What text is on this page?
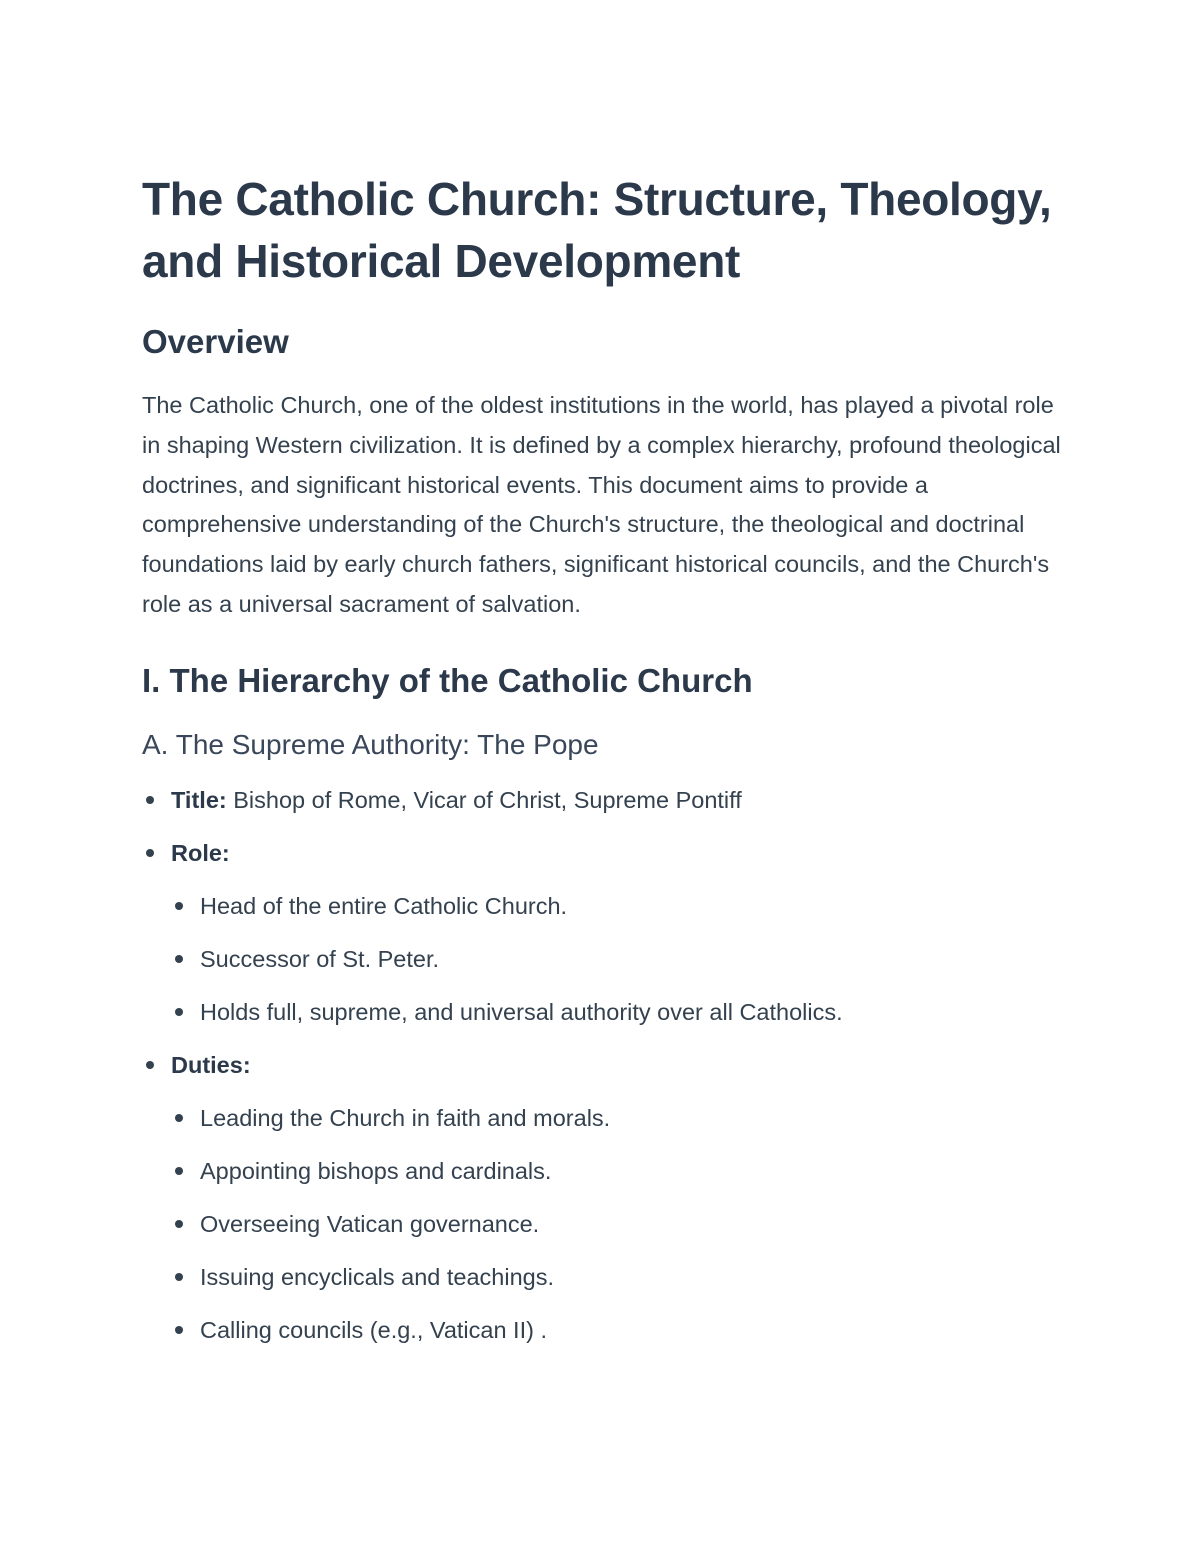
The Catholic Church: Structure, Theology, and Historical Development
Overview

The Catholic Church, one of the oldest institutions in the world, has played a pivotal role in shaping Western civilization. It is defined by a complex hierarchy, profound theological doctrines, and significant historical events. This document aims to provide a comprehensive understanding of the Church's structure, the theological and doctrinal foundations laid by early church fathers, significant historical councils, and the Church's role as a universal sacrament of salvation.

I. The Hierarchy of the Catholic Church
A. The Supreme Authority: The Pope
Title: Bishop of Rome, Vicar of Christ, Supreme Pontiff
Role:
Head of the entire Catholic Church.
Successor of St. Peter.
Holds full, supreme, and universal authority over all Catholics.
Duties:
Leading the Church in faith and morals.
Appointing bishops and cardinals.
Overseeing Vatican governance.
Issuing encyclicals and teachings.
Calling councils (e.g., Vatican II) .
